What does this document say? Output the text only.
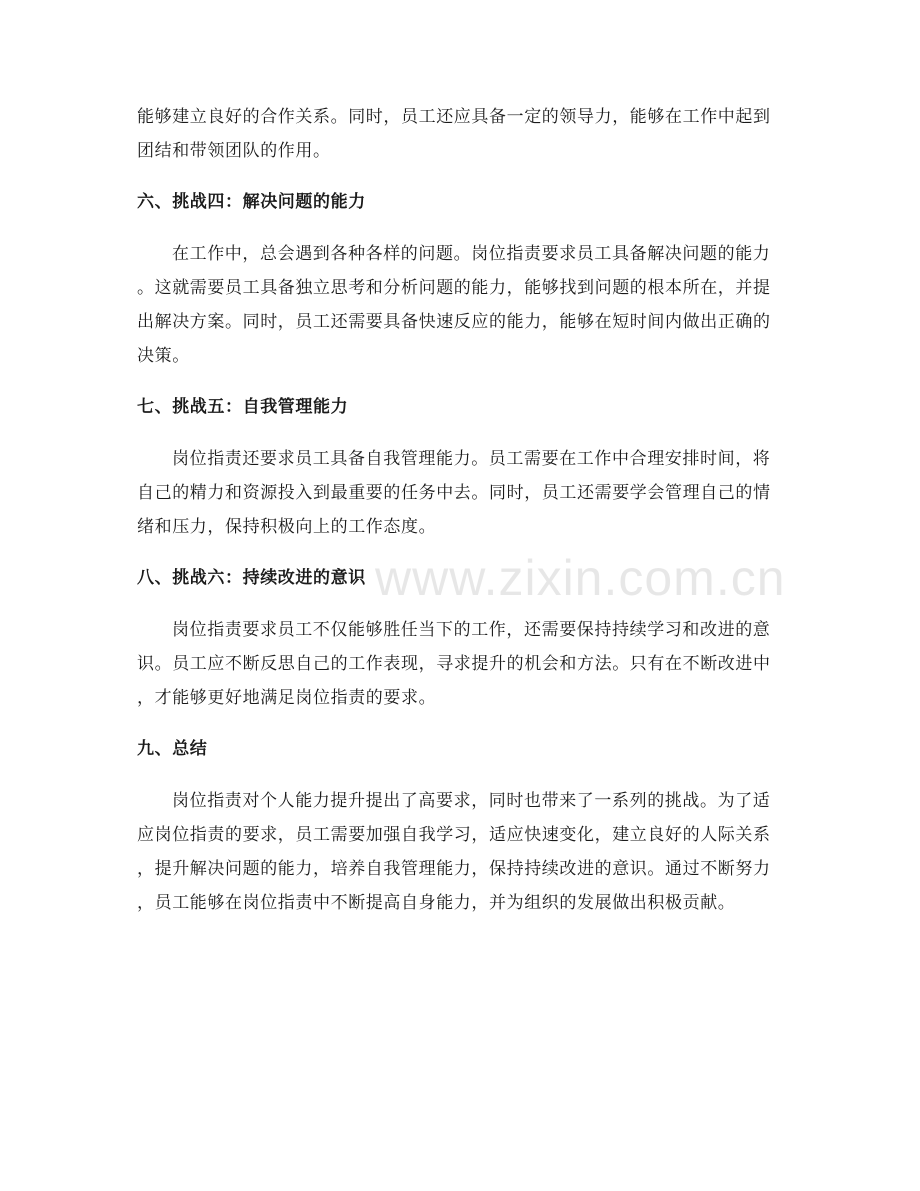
能够建立良好的合作关系。同时，员工还应具备一定的领导力，能够在工作中起到
团结和带领团队的作用。

六、挑战四：解决问题的能力

在工作中，总会遇到各种各样的问题。岗位指责要求员工具备解决问题的能力
。这就需要员工具备独立思考和分析问题的能力，能够找到问题的根本所在，并提
出解决方案。同时，员工还需要具备快速反应的能力，能够在短时间内做出正确的
决策。

七、挑战五：自我管理能力

岗位指责还要求员工具备自我管理能力。员工需要在工作中合理安排时间，将
自己的精力和资源投入到最重要的任务中去。同时，员工还需要学会管理自己的情
绪和压力，保持积极向上的工作态度。

八、挑战六：持续改进的意识

岗位指责要求员工不仅能够胜任当下的工作，还需要保持持续学习和改进的意
识。员工应不断反思自己的工作表现，寻求提升的机会和方法。只有在不断改进中
，才能够更好地满足岗位指责的要求。

九、总结

岗位指责对个人能力提升提出了高要求，同时也带来了一系列的挑战。为了适
应岗位指责的要求，员工需要加强自我学习，适应快速变化，建立良好的人际关系
，提升解决问题的能力，培养自我管理能力，保持持续改进的意识。通过不断努力
，员工能够在岗位指责中不断提高自身能力，并为组织的发展做出积极贡献。

www.zixin.com.cn
